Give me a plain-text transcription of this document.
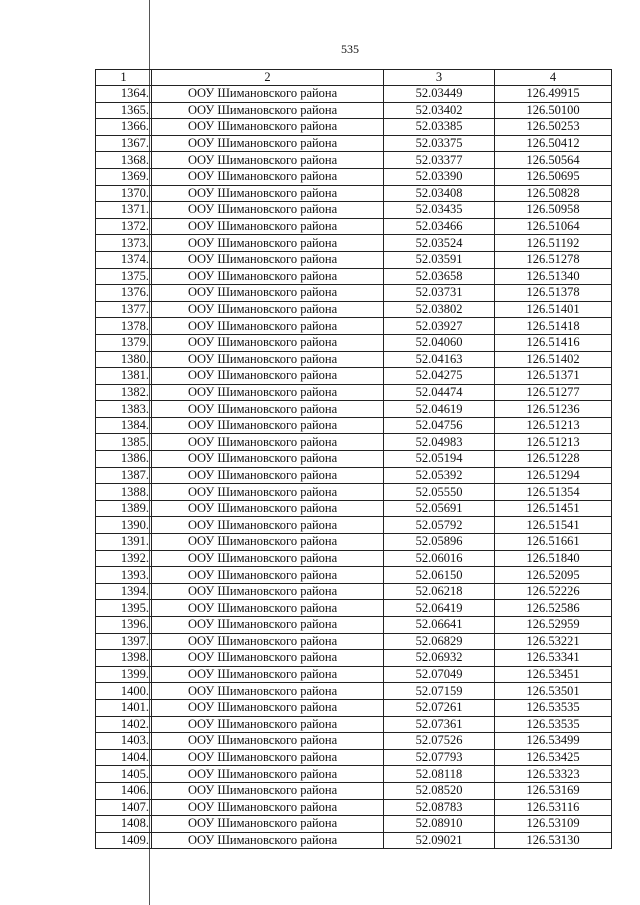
535
1	2	3	4
1364.	ООУ Шимановского района	52.03449	126.49915
1365.	ООУ Шимановского района	52.03402	126.50100
1366.	ООУ Шимановского района	52.03385	126.50253
1367.	ООУ Шимановского района	52.03375	126.50412
1368.	ООУ Шимановского района	52.03377	126.50564
1369.	ООУ Шимановского района	52.03390	126.50695
1370.	ООУ Шимановского района	52.03408	126.50828
1371.	ООУ Шимановского района	52.03435	126.50958
1372.	ООУ Шимановского района	52.03466	126.51064
1373.	ООУ Шимановского района	52.03524	126.51192
1374.	ООУ Шимановского района	52.03591	126.51278
1375.	ООУ Шимановского района	52.03658	126.51340
1376.	ООУ Шимановского района	52.03731	126.51378
1377.	ООУ Шимановского района	52.03802	126.51401
1378.	ООУ Шимановского района	52.03927	126.51418
1379.	ООУ Шимановского района	52.04060	126.51416
1380.	ООУ Шимановского района	52.04163	126.51402
1381.	ООУ Шимановского района	52.04275	126.51371
1382.	ООУ Шимановского района	52.04474	126.51277
1383.	ООУ Шимановского района	52.04619	126.51236
1384.	ООУ Шимановского района	52.04756	126.51213
1385.	ООУ Шимановского района	52.04983	126.51213
1386.	ООУ Шимановского района	52.05194	126.51228
1387.	ООУ Шимановского района	52.05392	126.51294
1388.	ООУ Шимановского района	52.05550	126.51354
1389.	ООУ Шимановского района	52.05691	126.51451
1390.	ООУ Шимановского района	52.05792	126.51541
1391.	ООУ Шимановского района	52.05896	126.51661
1392.	ООУ Шимановского района	52.06016	126.51840
1393.	ООУ Шимановского района	52.06150	126.52095
1394.	ООУ Шимановского района	52.06218	126.52226
1395.	ООУ Шимановского района	52.06419	126.52586
1396.	ООУ Шимановского района	52.06641	126.52959
1397.	ООУ Шимановского района	52.06829	126.53221
1398.	ООУ Шимановского района	52.06932	126.53341
1399.	ООУ Шимановского района	52.07049	126.53451
1400.	ООУ Шимановского района	52.07159	126.53501
1401.	ООУ Шимановского района	52.07261	126.53535
1402.	ООУ Шимановского района	52.07361	126.53535
1403.	ООУ Шимановского района	52.07526	126.53499
1404.	ООУ Шимановского района	52.07793	126.53425
1405.	ООУ Шимановского района	52.08118	126.53323
1406.	ООУ Шимановского района	52.08520	126.53169
1407.	ООУ Шимановского района	52.08783	126.53116
1408.	ООУ Шимановского района	52.08910	126.53109
1409.	ООУ Шимановского района	52.09021	126.53130
